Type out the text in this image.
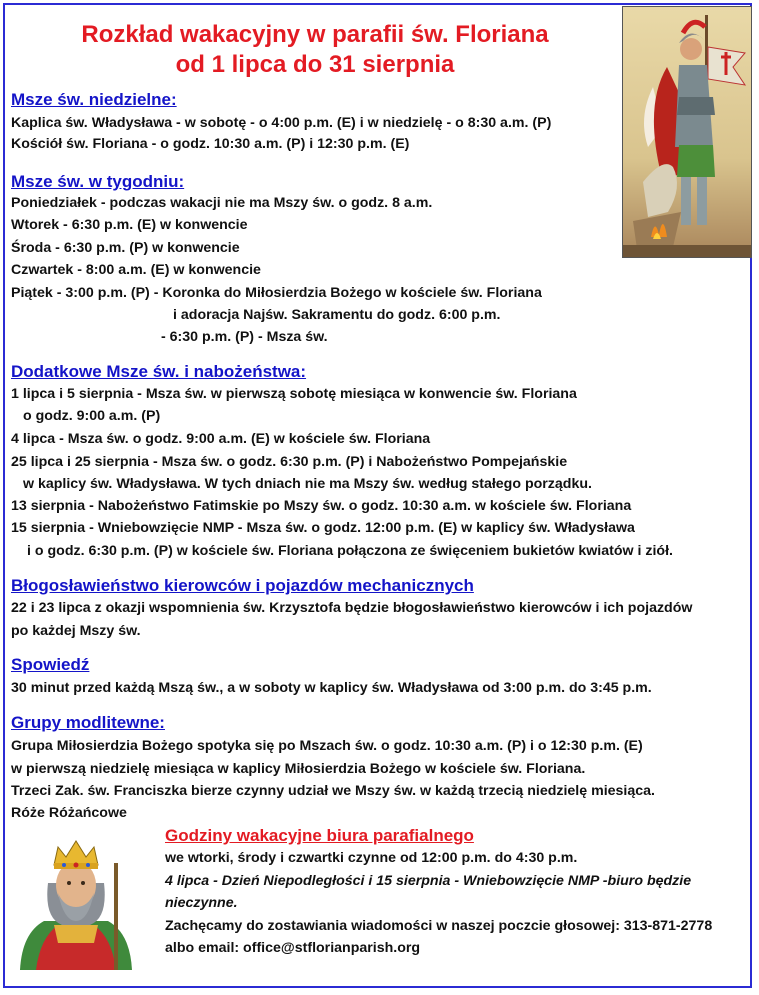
Rozkład wakacyjny w parafii św. Floriana
od 1 lipca do 31 sierpnia
Msze św. niedzielne:
Kaplica św. Władysława - w sobotę - o 4:00 p.m. (E) i w niedzielę - o 8:30 a.m. (P)
Kościół św. Floriana - o godz. 10:30 a.m. (P) i 12:30 p.m. (E)
Msze św. w tygodniu:
Poniedziałek - podczas wakacji nie ma Mszy św. o godz. 8 a.m.
Wtorek - 6:30 p.m. (E) w konwencie
Środa - 6:30 p.m. (P) w konwencie
Czwartek - 8:00 a.m. (E) w konwencie
Piątek - 3:00 p.m. (P) - Koronka do Miłosierdzia Bożego w kościele św. Floriana
i adoracja Najśw. Sakramentu do godz. 6:00 p.m.
- 6:30 p.m. (P) - Msza św.
Dodatkowe Msze św. i nabożeństwa:
1 lipca i 5 sierpnia - Msza św. w pierwszą sobotę miesiąca w konwencie św. Floriana
o godz. 9:00 a.m. (P)
4 lipca - Msza św. o godz. 9:00 a.m. (E) w kościele św. Floriana
25 lipca i 25 sierpnia - Msza św. o godz. 6:30 p.m. (P) i Nabożeństwo Pompejańskie
w kaplicy św. Władysława. W tych dniach nie ma Mszy św. według stałego porządku.
13 sierpnia - Nabożeństwo Fatimskie po Mszy św. o godz. 10:30 a.m. w kościele św. Floriana
15 sierpnia - Wniebowzięcie NMP - Msza św. o godz. 12:00 p.m. (E) w kaplicy św. Władysława
i o godz. 6:30 p.m. (P) w kościele św. Floriana połączona ze święceniem bukietów kwiatów i ziół.
Błogosławieństwo kierowców i pojazdów mechanicznych
22 i 23 lipca z okazji wspomnienia św. Krzysztofa będzie błogosławieństwo kierowców i ich pojazdów
po każdej Mszy św.
Spowiedź
30 minut przed każdą Mszą św., a w soboty w kaplicy św. Władysława od 3:00 p.m. do 3:45 p.m.
Grupy modlitewne:
Grupa Miłosierdzia Bożego spotyka się po Mszach św. o godz. 10:30 a.m. (P) i o 12:30 p.m. (E)
w pierwszą niedzielę miesiąca w kaplicy Miłosierdzia Bożego w kościele św. Floriana.
Trzeci Zak. św. Franciszka bierze czynny udział we Mszy św. w każdą trzecią niedzielę miesiąca.
Róże Różańcowe
Godziny wakacyjne biura parafialnego
we wtorki, środy i czwartki czynne od 12:00 p.m. do 4:30 p.m.
4 lipca - Dzień Niepodległości i 15 sierpnia - Wniebowzięcie NMP -biuro będzie
nieczynne.
Zachęcamy do zostawiania wiadomości w naszej poczcie głosowej: 313-871-2778
albo email: office@stflorianparish.org
